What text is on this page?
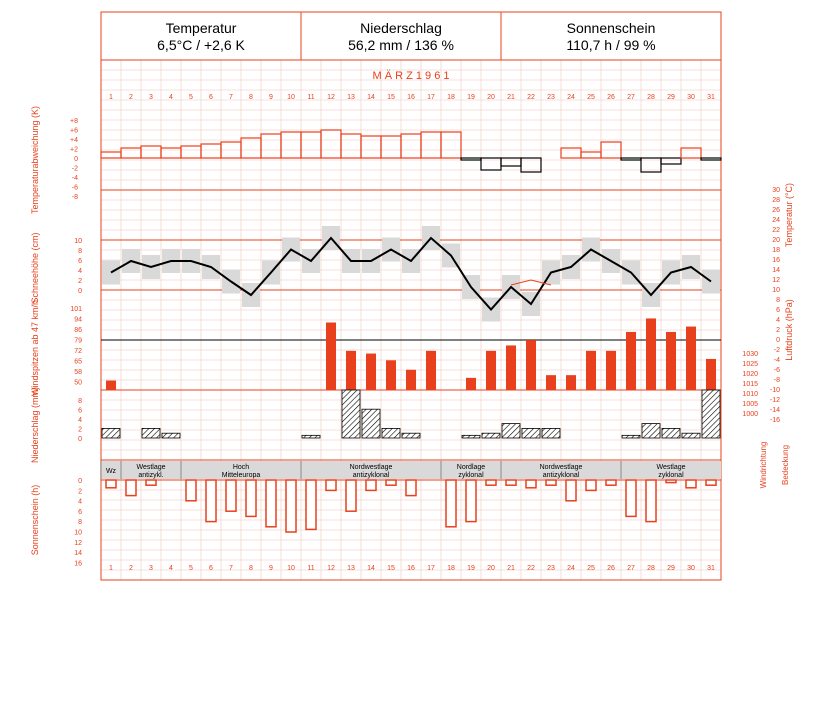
Temperatur
6,5°C / +2,6 K
Niederschlag
56,2 mm / 136 %
Sonnenschein
110,7 h / 99 %
M Ä R Z 1 9 6 1
1
1
2
2
3
3
4
4
5
5
6
6
7
7
8
8
9
9
10
10
11
11
12
12
13
13
14
14
15
15
16
16
17
17
18
18
19
19
20
20
21
21
22
22
23
23
24
24
25
25
26
26
27
27
28
28
29
29
30
30
31
31
+8
+6
+4
+2
0
-2
-4
-6
-8
Temperaturabweichung (K)	30
28
26
24
22
20
18
16
14
12
10
8
6
4
2
0
-2
-4
-6
-8
-10
-12
-14
-16
Temperatur (°C)
10
8
6
4
2
0
Schneehöhe (cm)
101
94
86
79
72
65
58
50
Windspitzen ab 47 km/h	1030
1025
1020
1015
1010
1005
1000
Luftdruck (hPa)
8
6
4
2
0
Niederschlag (mm)
Windrichtung Bedeckung
Wz
Westlage
antizykl.
Hoch
Mitteleuropa
Nordwestlage
antizyklonal
Nordlage
zyklonal
Nordwestlage
antizyklonal
Westlage
zyklonal
0
2
4
6
8
10
12
14
16
Sonnenschein (h)
